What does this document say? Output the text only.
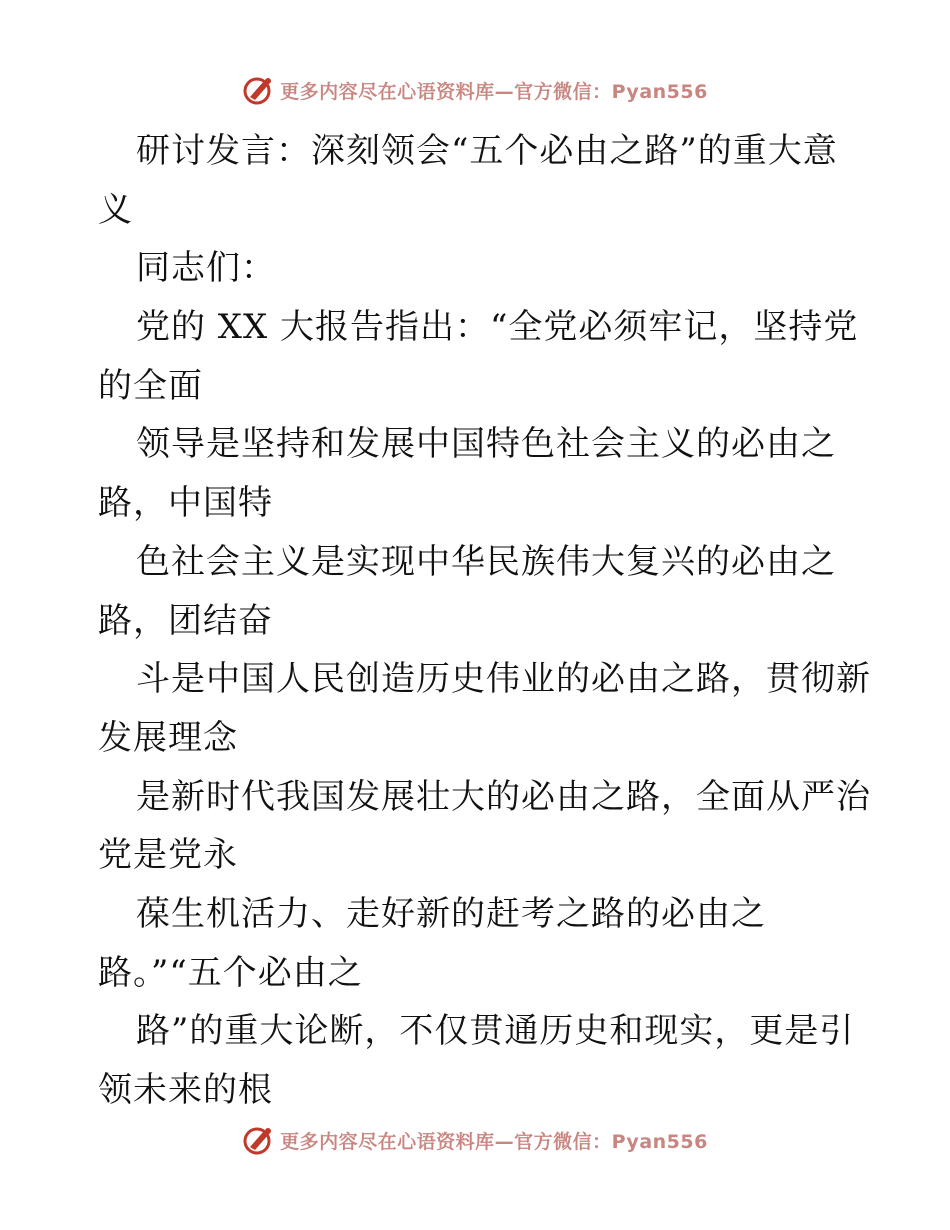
更多内容尽在心语资料库—官方微信：Pyan556
研讨发言：深刻领会“五个必由之路”的重大意
义
同志们：
党的 XX 大报告指出：“全党必须牢记，坚持党
的全面
领导是坚持和发展中国特色社会主义的必由之
路，中国特
色社会主义是实现中华民族伟大复兴的必由之
路，团结奋
斗是中国人民创造历史伟业的必由之路，贯彻新
发展理念
是新时代我国发展壮大的必由之路，全面从严治
党是党永
葆生机活力、走好新的赶考之路的必由之
路。”“五个必由之
路”的重大论断，不仅贯通历史和现实，更是引
领未来的根
更多内容尽在心语资料库—官方微信：Pyan556
